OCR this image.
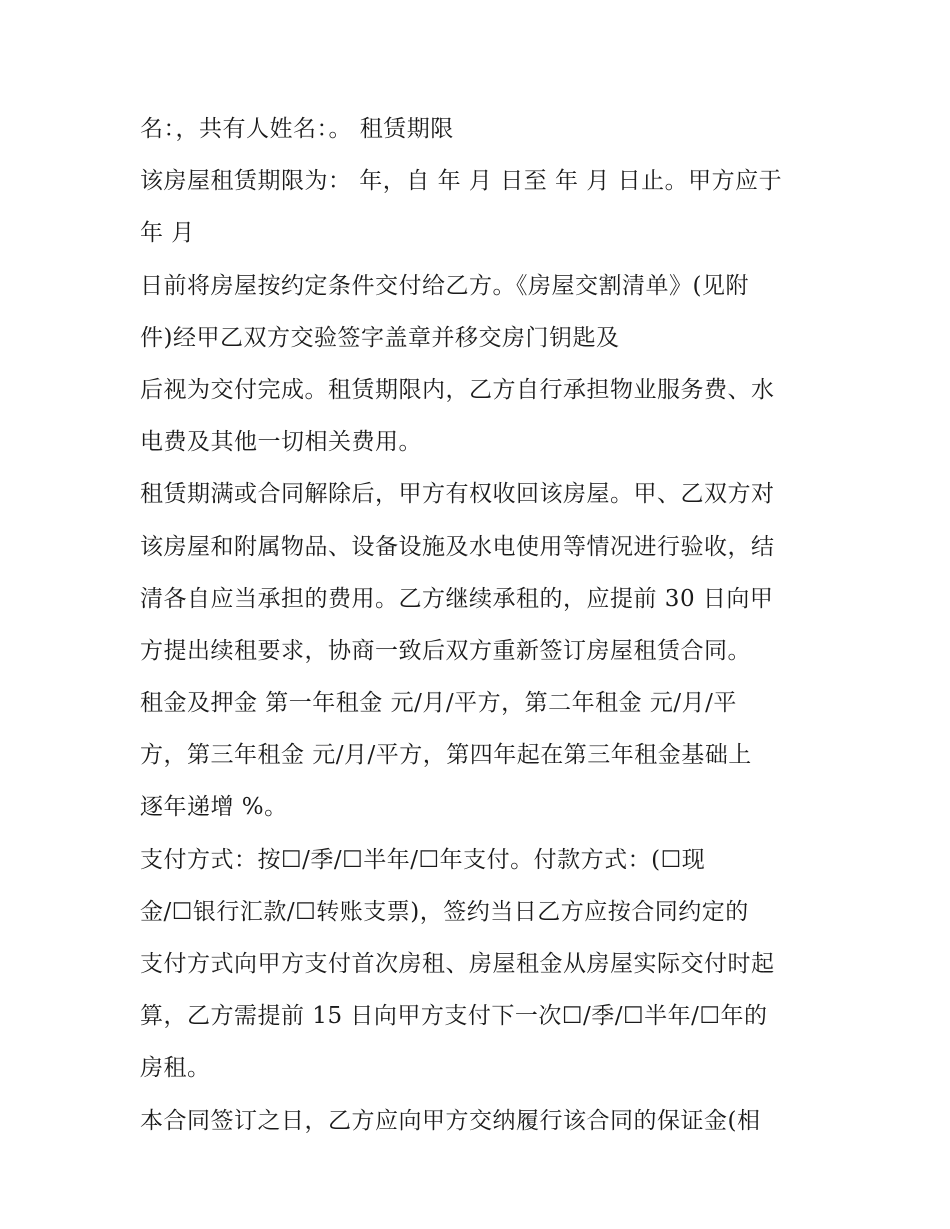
名：，共有人姓名：。 租赁期限
该房屋租赁期限为： 年，自 年 月 日至 年 月 日止。甲方应于
年 月
日前将房屋按约定条件交付给乙方。《房屋交割清单》(见附
件)经甲乙双方交验签字盖章并移交房门钥匙及
后视为交付完成。租赁期限内，乙方自行承担物业服务费、水
电费及其他一切相关费用。
租赁期满或合同解除后，甲方有权收回该房屋。甲、乙双方对
该房屋和附属物品、设备设施及水电使用等情况进行验收，结
清各自应当承担的费用。乙方继续承租的，应提前 30 日向甲
方提出续租要求，协商一致后双方重新签订房屋租赁合同。
租金及押金 第一年租金 元/月/平方，第二年租金 元/月/平
方，第三年租金 元/月/平方，第四年起在第三年租金基础上
逐年递增 %。
支付方式：按☐/季/☐半年/☐年支付。付款方式：(☐现
金/☐银行汇款/☐转账支票)，签约当日乙方应按合同约定的
支付方式向甲方支付首次房租、房屋租金从房屋实际交付时起
算，乙方需提前 15 日向甲方支付下一次☐/季/☐半年/☐年的
房租。
本合同签订之日，乙方应向甲方交纳履行该合同的保证金(相
